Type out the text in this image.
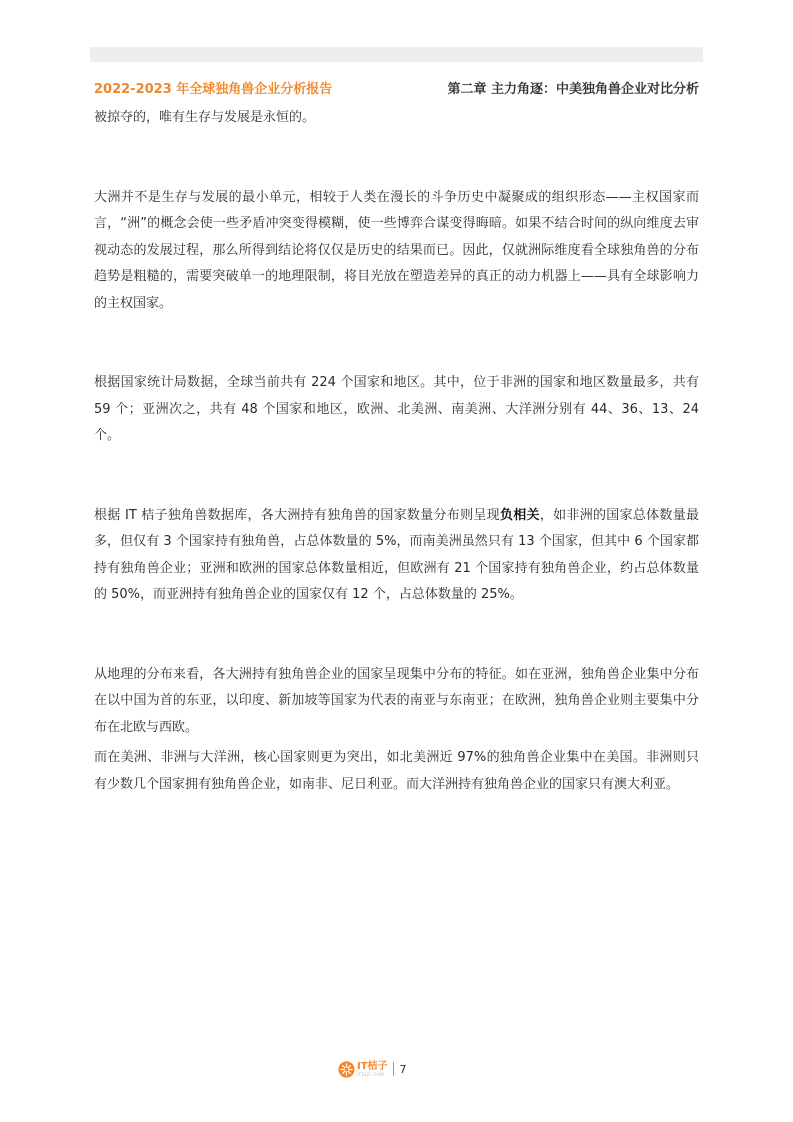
2022-2023 年全球独角兽企业分析报告	第二章 主力角逐：中美独角兽企业对比分析

被掠夺的，唯有生存与发展是永恒的。

大洲并不是生存与发展的最小单元，相较于人类在漫长的斗争历史中凝聚成的组织形态——主权国家而言，“洲”的概念会使一些矛盾冲突变得模糊，使一些博弈合谋变得晦暗。如果不结合时间的纵向维度去审视动态的发展过程，那么所得到结论将仅仅是历史的结果而已。因此，仅就洲际维度看全球独角兽的分布趋势是粗糙的，需要突破单一的地理限制，将目光放在塑造差异的真正的动力机器上——具有全球影响力的主权国家。

根据国家统计局数据，全球当前共有 224 个国家和地区。其中，位于非洲的国家和地区数量最多，共有 59 个；亚洲次之，共有 48 个国家和地区，欧洲、北美洲、南美洲、大洋洲分别有 44、36、13、24 个。

根据 IT 桔子独角兽数据库，各大洲持有独角兽的国家数量分布则呈现负相关，如非洲的国家总体数量最多，但仅有 3 个国家持有独角兽，占总体数量的 5%，而南美洲虽然只有 13 个国家，但其中 6 个国家都持有独角兽企业；亚洲和欧洲的国家总体数量相近，但欧洲有 21 个国家持有独角兽企业，约占总体数量的 50%，而亚洲持有独角兽企业的国家仅有 12 个，占总体数量的 25%。

从地理的分布来看，各大洲持有独角兽企业的国家呈现集中分布的特征。如在亚洲，独角兽企业集中分布在以中国为首的东亚，以印度、新加坡等国家为代表的南亚与东南亚；在欧洲，独角兽企业则主要集中分布在北欧与西欧。

而在美洲、非洲与大洋洲，核心国家则更为突出，如北美洲近 97%的独角兽企业集中在美国。非洲则只有少数几个国家拥有独角兽企业，如南非、尼日利亚。而大洋洲持有独角兽企业的国家只有澳大利亚。

IT桔子
ITJUZI.COM 7
